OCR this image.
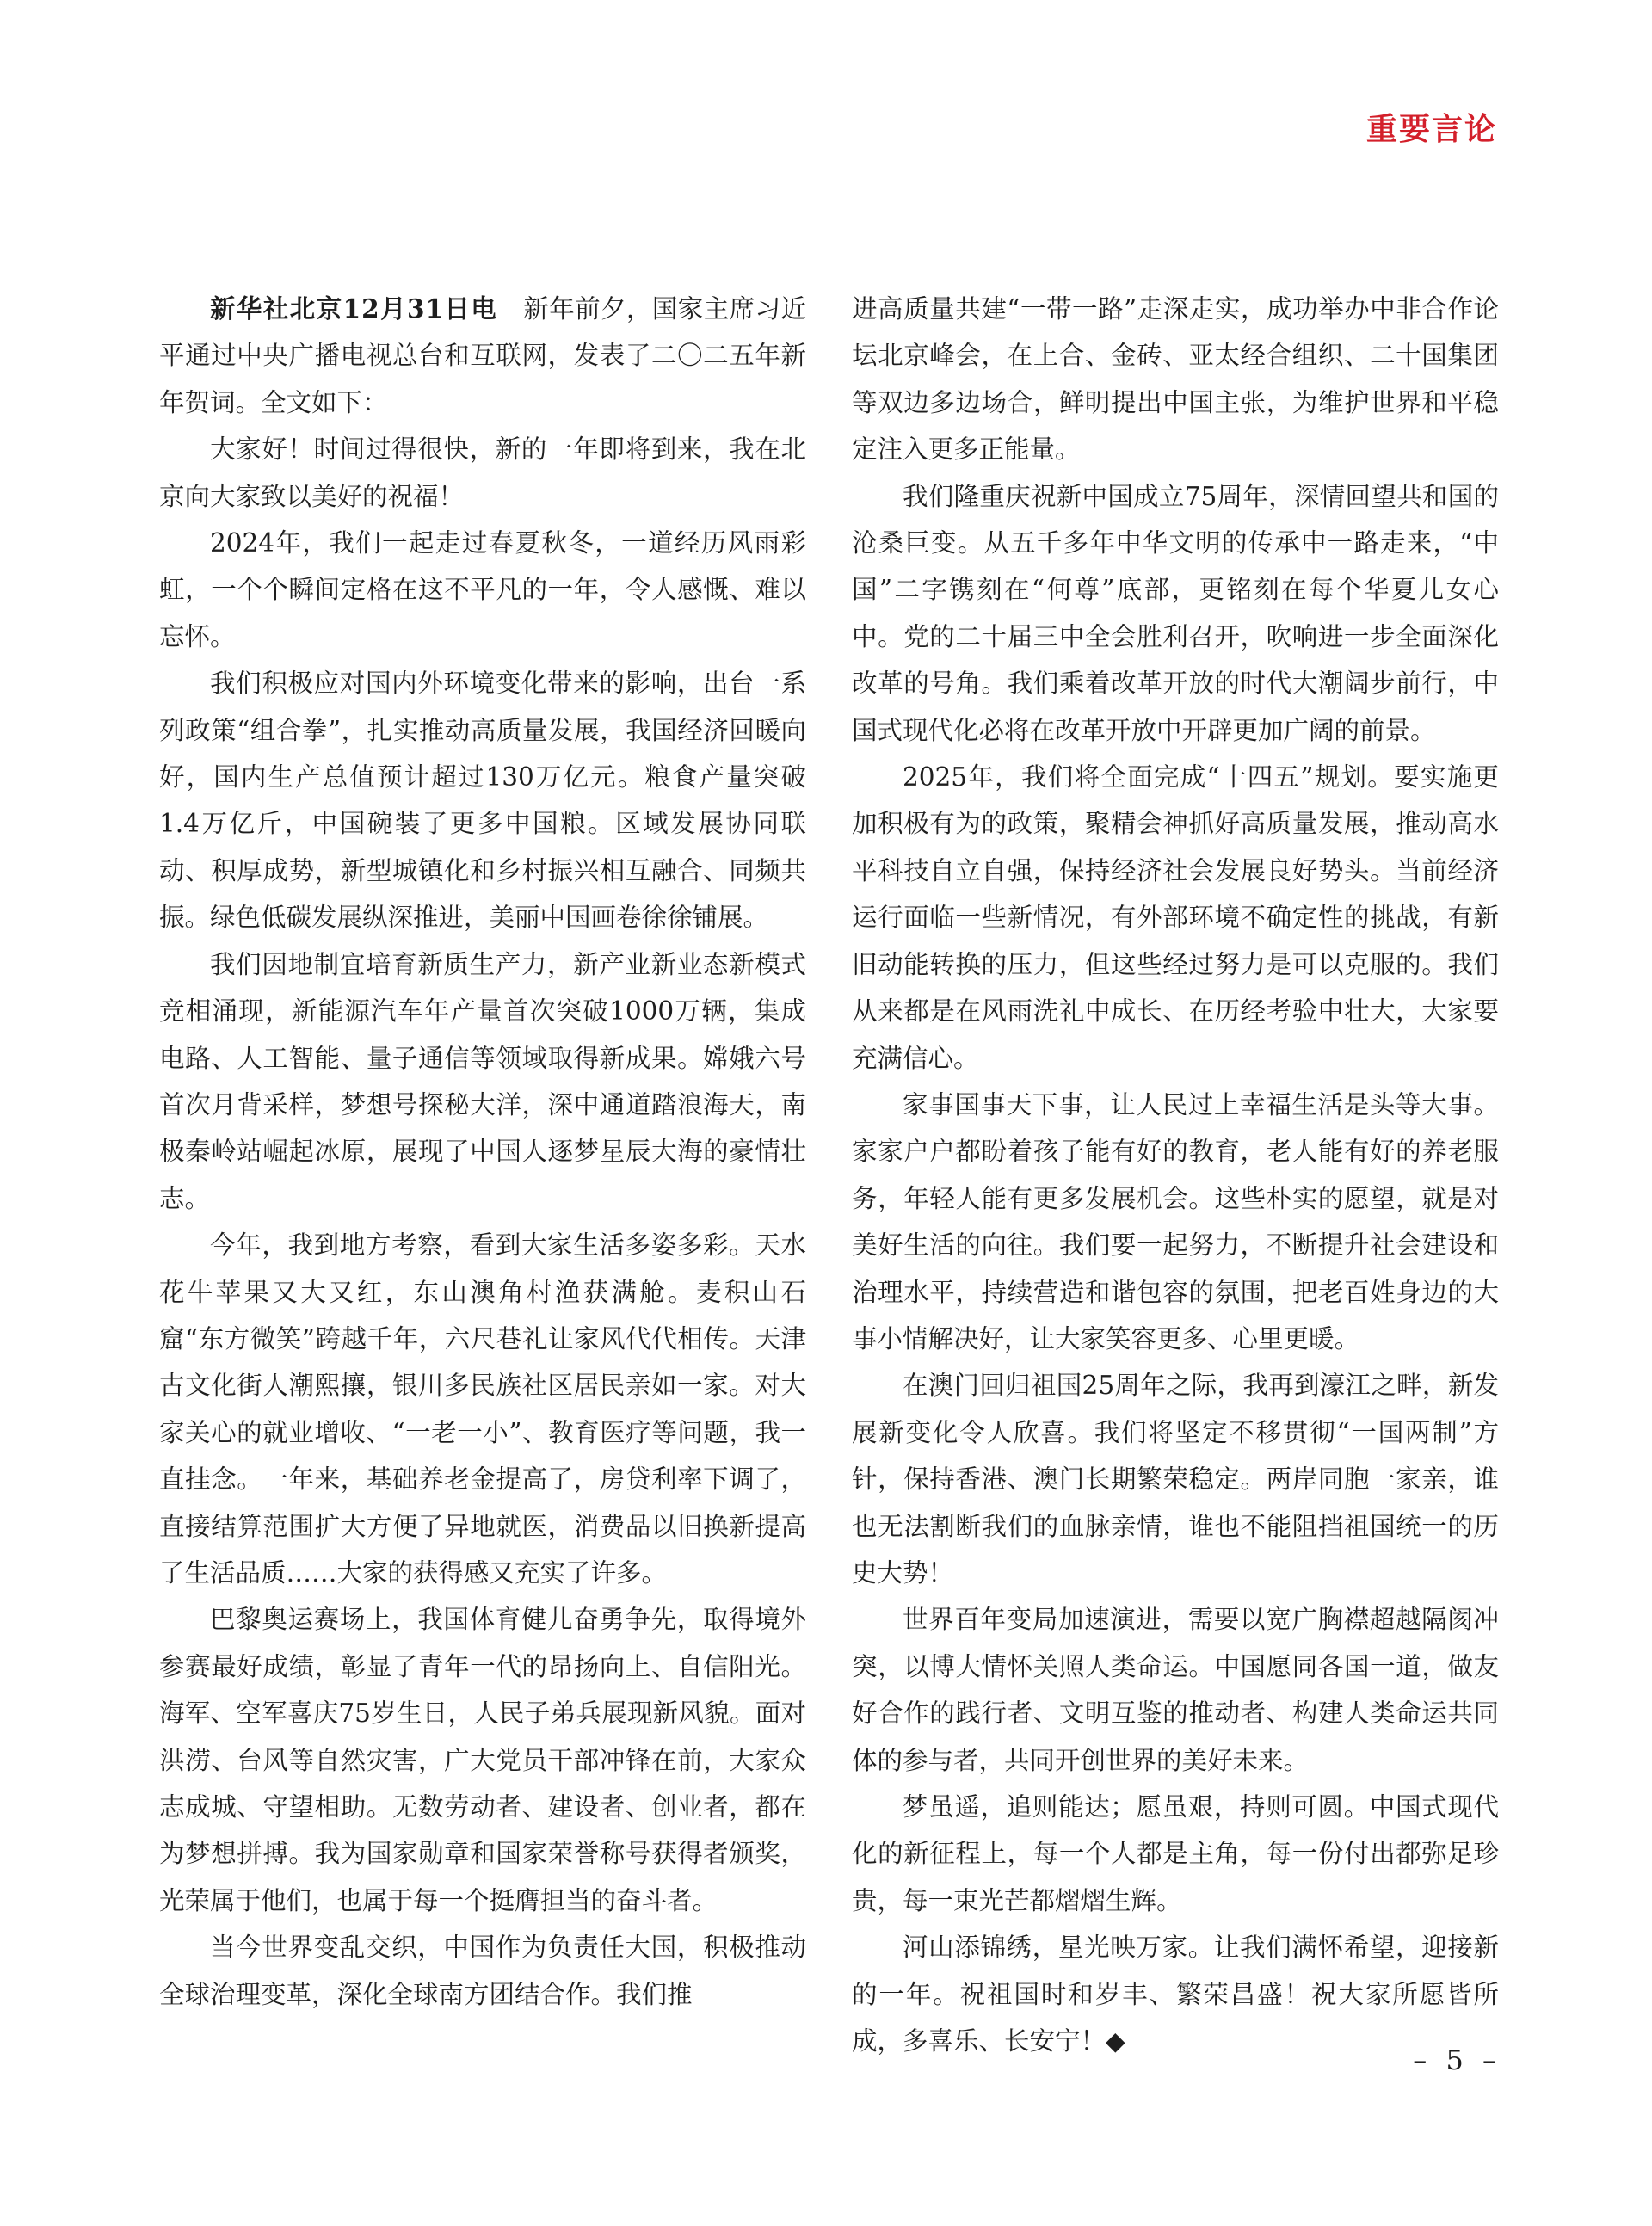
重要言论

新华社北京12月31日电　 新年前夕，国家主席习近平通过中央广播电视总台和互联网，发表了二〇二五年新年贺词。全文如下：

大家好！时间过得很快，新的一年即将到来，我在北京向大家致以美好的祝福！

2024年，我们一起走过春夏秋冬，一道经历风雨彩虹，一个个瞬间定格在这不平凡的一年，令人感慨、难以忘怀。

我们积极应对国内外环境变化带来的影响，出台一系列政策“组合拳”，扎实推动高质量发展，我国经济回暖向好，国内生产总值预计超过130万亿元。粮食产量突破1.4万亿斤，中国碗装了更多中国粮。区域发展协同联动、积厚成势，新型城镇化和乡村振兴相互融合、同频共振。绿色低碳发展纵深推进，美丽中国画卷徐徐铺展。

我们因地制宜培育新质生产力，新产业新业态新模式竞相涌现，新能源汽车年产量首次突破1000万辆，集成电路、人工智能、量子通信等领域取得新成果。嫦娥六号首次月背采样，梦想号探秘大洋，深中通道踏浪海天，南极秦岭站崛起冰原，展现了中国人逐梦星辰大海的豪情壮志。

今年，我到地方考察，看到大家生活多姿多彩。天水花牛苹果又大又红，东山澳角村渔获满舱。麦积山石窟“东方微笑”跨越千年，六尺巷礼让家风代代相传。天津古文化街人潮熙攘，银川多民族社区居民亲如一家。对大家关心的就业增收、“一老一小”、教育医疗等问题，我一直挂念。一年来，基础养老金提高了，房贷利率下调了，直接结算范围扩大方便了异地就医，消费品以旧换新提高了生活品质……大家的获得感又充实了许多。

巴黎奥运赛场上，我国体育健儿奋勇争先，取得境外参赛最好成绩，彰显了青年一代的昂扬向上、自信阳光。海军、空军喜庆75岁生日，人民子弟兵展现新风貌。面对洪涝、台风等自然灾害，广大党员干部冲锋在前，大家众志成城、守望相助。无数劳动者、建设者、创业者，都在为梦想拼搏。我为国家勋章和国家荣誉称号获得者颁奖，光荣属于他们，也属于每一个挺膺担当的奋斗者。

当今世界变乱交织，中国作为负责任大国，积极推动全球治理变革，深化全球南方团结合作。我们推

进高质量共建“一带一路”走深走实，成功举办中非合作论坛北京峰会，在上合、金砖、亚太经合组织、二十国集团等双边多边场合，鲜明提出中国主张，为维护世界和平稳定注入更多正能量。

我们隆重庆祝新中国成立75周年，深情回望共和国的沧桑巨变。从五千多年中华文明的传承中一路走来，“中国”二字镌刻在“何尊”底部，更铭刻在每个华夏儿女心中。党的二十届三中全会胜利召开，吹响进一步全面深化改革的号角。我们乘着改革开放的时代大潮阔步前行，中国式现代化必将在改革开放中开辟更加广阔的前景。

2025年，我们将全面完成“十四五”规划。要实施更加积极有为的政策，聚精会神抓好高质量发展，推动高水平科技自立自强，保持经济社会发展良好势头。当前经济运行面临一些新情况，有外部环境不确定性的挑战，有新旧动能转换的压力，但这些经过努力是可以克服的。我们从来都是在风雨洗礼中成长、在历经考验中壮大，大家要充满信心。

家事国事天下事，让人民过上幸福生活是头等大事。家家户户都盼着孩子能有好的教育，老人能有好的养老服务，年轻人能有更多发展机会。这些朴实的愿望，就是对美好生活的向往。我们要一起努力，不断提升社会建设和治理水平，持续营造和谐包容的氛围，把老百姓身边的大事小情解决好，让大家笑容更多、心里更暖。

在澳门回归祖国25周年之际，我再到濠江之畔，新发展新变化令人欣喜。我们将坚定不移贯彻“一国两制”方针，保持香港、澳门长期繁荣稳定。两岸同胞一家亲，谁也无法割断我们的血脉亲情，谁也不能阻挡祖国统一的历史大势！

世界百年变局加速演进，需要以宽广胸襟超越隔阂冲突，以博大情怀关照人类命运。中国愿同各国一道，做友好合作的践行者、文明互鉴的推动者、构建人类命运共同体的参与者，共同开创世界的美好未来。

梦虽遥，追则能达；愿虽艰，持则可圆。中国式现代化的新征程上，每一个人都是主角，每一份付出都弥足珍贵，每一束光芒都熠熠生辉。

河山添锦绣，星光映万家。让我们满怀希望，迎接新的一年。祝祖国时和岁丰、繁荣昌盛！祝大家所愿皆所成，多喜乐、长安宁！◆

– 5 –
